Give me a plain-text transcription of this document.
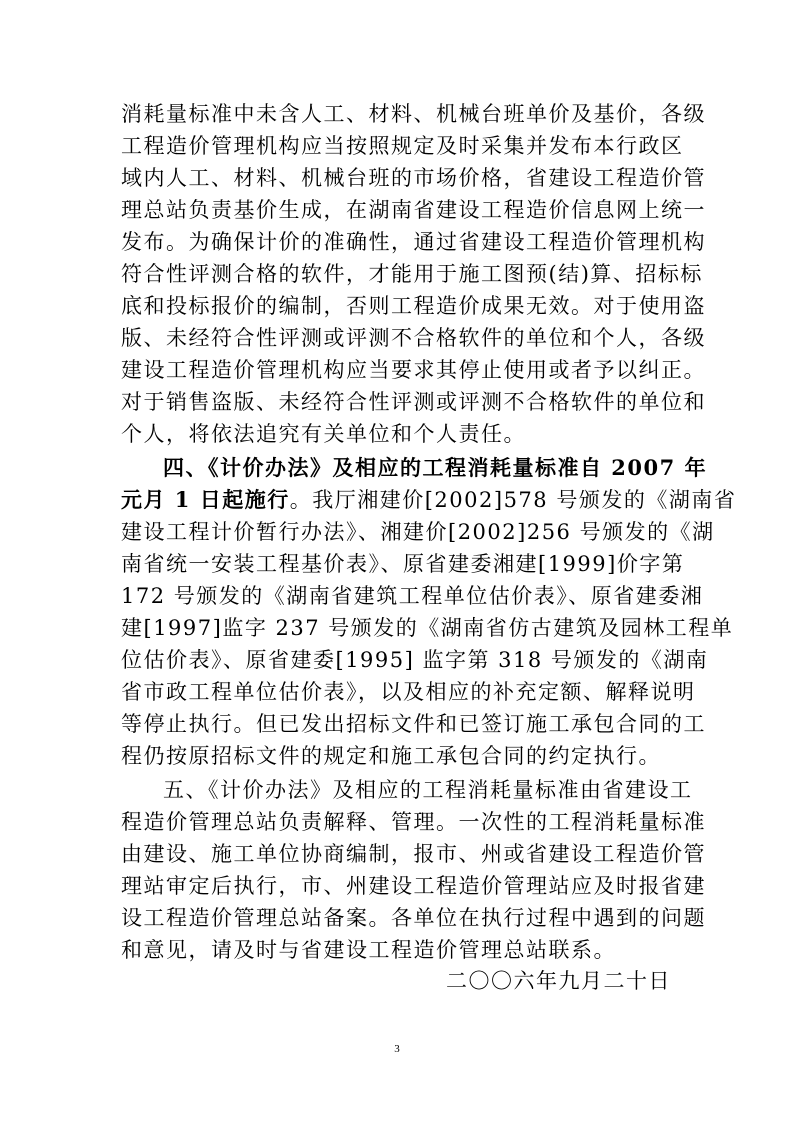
消耗量标准中未含人工、材料、机械台班单价及基价，各级
工程造价管理机构应当按照规定及时采集并发布本行政区
域内人工、材料、机械台班的市场价格，省建设工程造价管
理总站负责基价生成，在湖南省建设工程造价信息网上统一
发布。为确保计价的准确性，通过省建设工程造价管理机构
符合性评测合格的软件，才能用于施工图预(结)算、招标标
底和投标报价的编制，否则工程造价成果无效。对于使用盗
版、未经符合性评测或评测不合格软件的单位和个人，各级
建设工程造价管理机构应当要求其停止使用或者予以纠正。
对于销售盗版、未经符合性评测或评测不合格软件的单位和
个人，将依法追究有关单位和个人责任。
四、《计价办法》及相应的工程消耗量标准自 2007 年
元月 1 日起施行。我厅湘建价[2002]578 号颁发的《湖南省
建设工程计价暂行办法》、湘建价[2002]256 号颁发的《湖
南省统一安装工程基价表》、原省建委湘建[1999]价字第
172 号颁发的《湖南省建筑工程单位估价表》、原省建委湘
建[1997]监字 237 号颁发的《湖南省仿古建筑及园林工程单
位估价表》、原省建委[1995] 监字第 318 号颁发的《湖南
省市政工程单位估价表》，以及相应的补充定额、解释说明
等停止执行。但已发出招标文件和已签订施工承包合同的工
程仍按原招标文件的规定和施工承包合同的约定执行。
五、《计价办法》及相应的工程消耗量标准由省建设工
程造价管理总站负责解释、管理。一次性的工程消耗量标准
由建设、施工单位协商编制，报市、州或省建设工程造价管
理站审定后执行，市、州建设工程造价管理站应及时报省建
设工程造价管理总站备案。各单位在执行过程中遇到的问题
和意见，请及时与省建设工程造价管理总站联系。
二〇〇六年九月二十日
3
